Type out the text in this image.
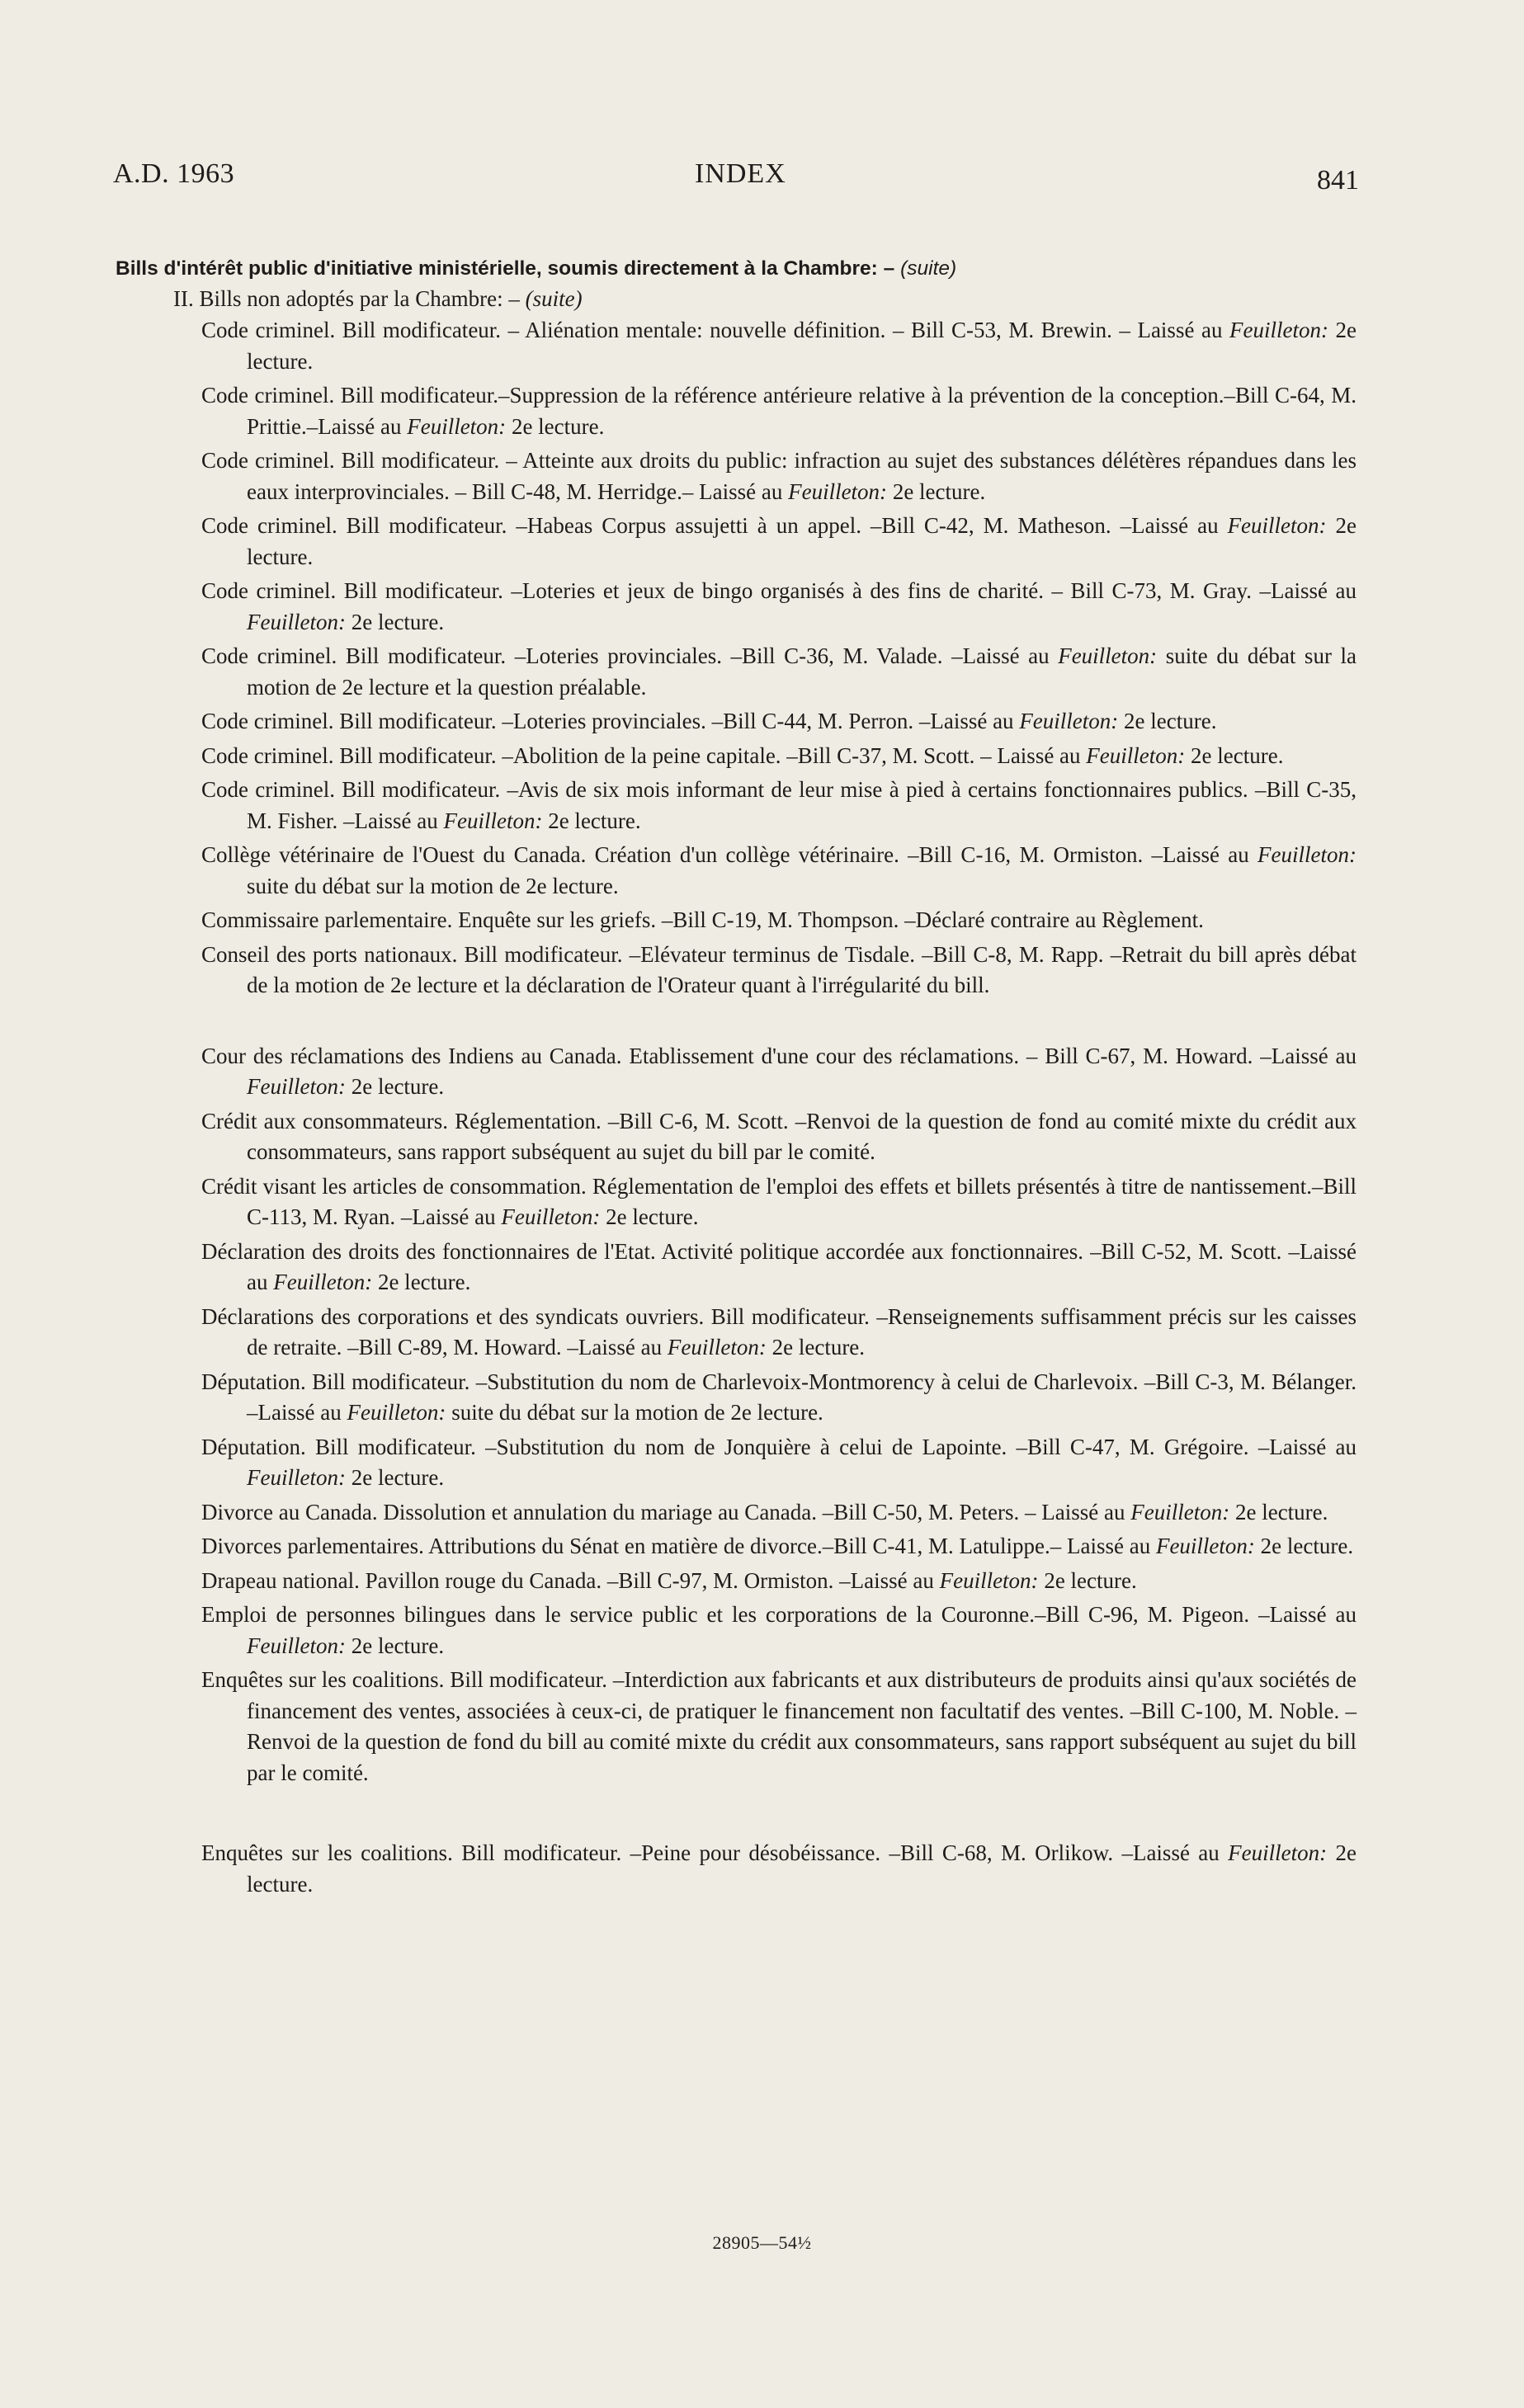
A.D. 1963	INDEX	841
Bills d'intérêt public d'initiative ministérielle, soumis directement à la Chambre: – (suite)
II. Bills non adoptés par la Chambre: – (suite)
Code criminel. Bill modificateur. – Aliénation mentale: nouvelle définition. – Bill C-53, M. Brewin. – Laissé au Feuilleton: 2e lecture.
Code criminel. Bill modificateur.–Suppression de la référence antérieure relative à la prévention de la conception.–Bill C-64, M. Prittie.–Laissé au Feuilleton: 2e lecture.
Code criminel. Bill modificateur. – Atteinte aux droits du public: infraction au sujet des substances délétères répandues dans les eaux interprovinciales. – Bill C-48, M. Herridge.– Laissé au Feuilleton: 2e lecture.
Code criminel. Bill modificateur. –Habeas Corpus assujetti à un appel. –Bill C-42, M. Matheson. –Laissé au Feuilleton: 2e lecture.
Code criminel. Bill modificateur. –Loteries et jeux de bingo organisés à des fins de charité. – Bill C-73, M. Gray. –Laissé au Feuilleton: 2e lecture.
Code criminel. Bill modificateur. –Loteries provinciales. –Bill C-36, M. Valade. –Laissé au Feuilleton: suite du débat sur la motion de 2e lecture et la question préalable.
Code criminel. Bill modificateur. –Loteries provinciales. –Bill C-44, M. Perron. –Laissé au Feuilleton: 2e lecture.
Code criminel. Bill modificateur. –Abolition de la peine capitale. –Bill C-37, M. Scott. – Laissé au Feuilleton: 2e lecture.
Code criminel. Bill modificateur. –Avis de six mois informant de leur mise à pied à certains fonctionnaires publics. –Bill C-35, M. Fisher. –Laissé au Feuilleton: 2e lecture.
Collège vétérinaire de l'Ouest du Canada. Création d'un collège vétérinaire. –Bill C-16, M. Ormiston. –Laissé au Feuilleton: suite du débat sur la motion de 2e lecture.
Commissaire parlementaire. Enquête sur les griefs. –Bill C-19, M. Thompson. –Déclaré contraire au Règlement.
Conseil des ports nationaux. Bill modificateur. –Elévateur terminus de Tisdale. –Bill C-8, M. Rapp. –Retrait du bill après débat de la motion de 2e lecture et la déclaration de l'Orateur quant à l'irrégularité du bill.
Cour des réclamations des Indiens au Canada. Etablissement d'une cour des réclamations. – Bill C-67, M. Howard. –Laissé au Feuilleton: 2e lecture.
Crédit aux consommateurs. Réglementation. –Bill C-6, M. Scott. –Renvoi de la question de fond au comité mixte du crédit aux consommateurs, sans rapport subséquent au sujet du bill par le comité.
Crédit visant les articles de consommation. Réglementation de l'emploi des effets et billets présentés à titre de nantissement.–Bill C-113, M. Ryan. –Laissé au Feuilleton: 2e lecture.
Déclaration des droits des fonctionnaires de l'Etat. Activité politique accordée aux fonctionnaires. –Bill C-52, M. Scott. –Laissé au Feuilleton: 2e lecture.
Déclarations des corporations et des syndicats ouvriers. Bill modificateur. –Renseignements suffisamment précis sur les caisses de retraite. –Bill C-89, M. Howard. –Laissé au Feuilleton: 2e lecture.
Députation. Bill modificateur. –Substitution du nom de Charlevoix-Montmorency à celui de Charlevoix. –Bill C-3, M. Bélanger. –Laissé au Feuilleton: suite du débat sur la motion de 2e lecture.
Députation. Bill modificateur. –Substitution du nom de Jonquière à celui de Lapointe. –Bill C-47, M. Grégoire. –Laissé au Feuilleton: 2e lecture.
Divorce au Canada. Dissolution et annulation du mariage au Canada. –Bill C-50, M. Peters. – Laissé au Feuilleton: 2e lecture.
Divorces parlementaires. Attributions du Sénat en matière de divorce.–Bill C-41, M. Latulippe.– Laissé au Feuilleton: 2e lecture.
Drapeau national. Pavillon rouge du Canada. –Bill C-97, M. Ormiston. –Laissé au Feuilleton: 2e lecture.
Emploi de personnes bilingues dans le service public et les corporations de la Couronne.–Bill C-96, M. Pigeon. –Laissé au Feuilleton: 2e lecture.
Enquêtes sur les coalitions. Bill modificateur. –Interdiction aux fabricants et aux distributeurs de produits ainsi qu'aux sociétés de financement des ventes, associées à ceux-ci, de pratiquer le financement non facultatif des ventes. –Bill C-100, M. Noble. –Renvoi de la question de fond du bill au comité mixte du crédit aux consommateurs, sans rapport subséquent au sujet du bill par le comité.
Enquêtes sur les coalitions. Bill modificateur. –Peine pour désobéissance. –Bill C-68, M. Orlikow. –Laissé au Feuilleton: 2e lecture.
28905—54½
